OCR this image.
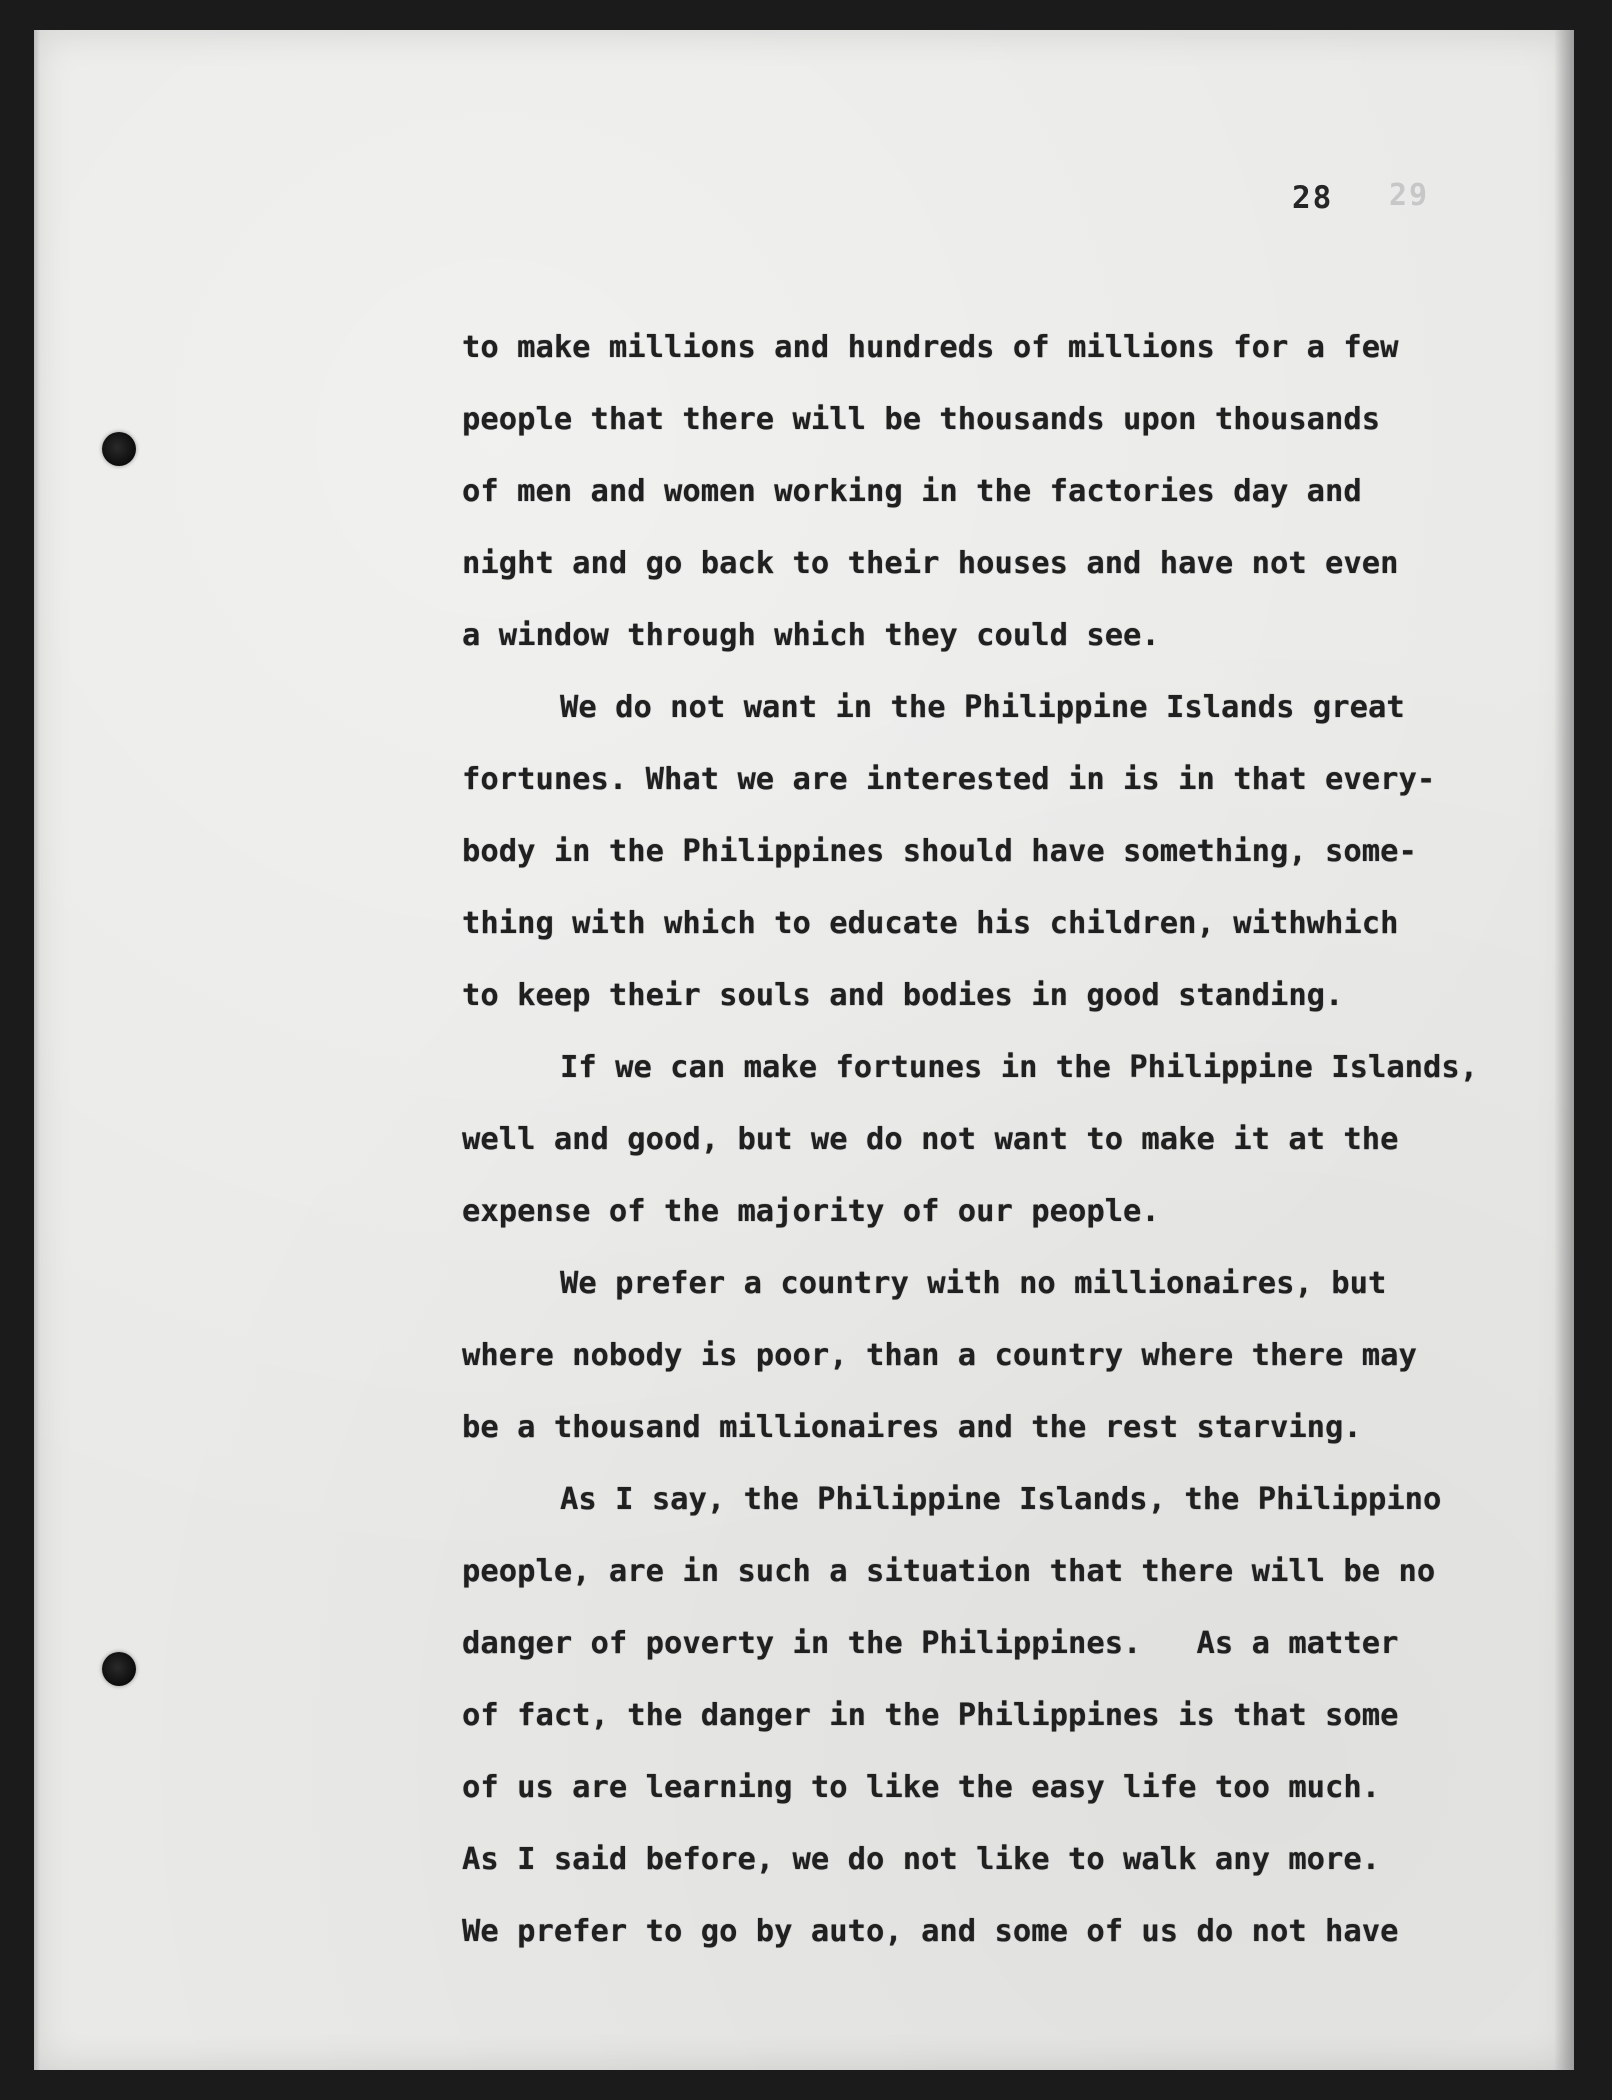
28 29
to make millions and hundreds of millions for a few
people that there will be thousands upon thousands
of men and women working in the factories day and
night and go back to their houses and have not even
a window through which they could see.
We do not want in the Philippine Islands great
fortunes. What we are interested in is in that every-
body in the Philippines should have something, some-
thing with which to educate his children, withwhich
to keep their souls and bodies in good standing.
If we can make fortunes in the Philippine Islands,
well and good, but we do not want to make it at the
expense of the majority of our people.
We prefer a country with no millionaires, but
where nobody is poor, than a country where there may
be a thousand millionaires and the rest starving.
As I say, the Philippine Islands, the Philippino
people, are in such a situation that there will be no
danger of poverty in the Philippines.   As a matter
of fact, the danger in the Philippines is that some
of us are learning to like the easy life too much.
As I said before, we do not like to walk any more.
We prefer to go by auto, and some of us do not have
